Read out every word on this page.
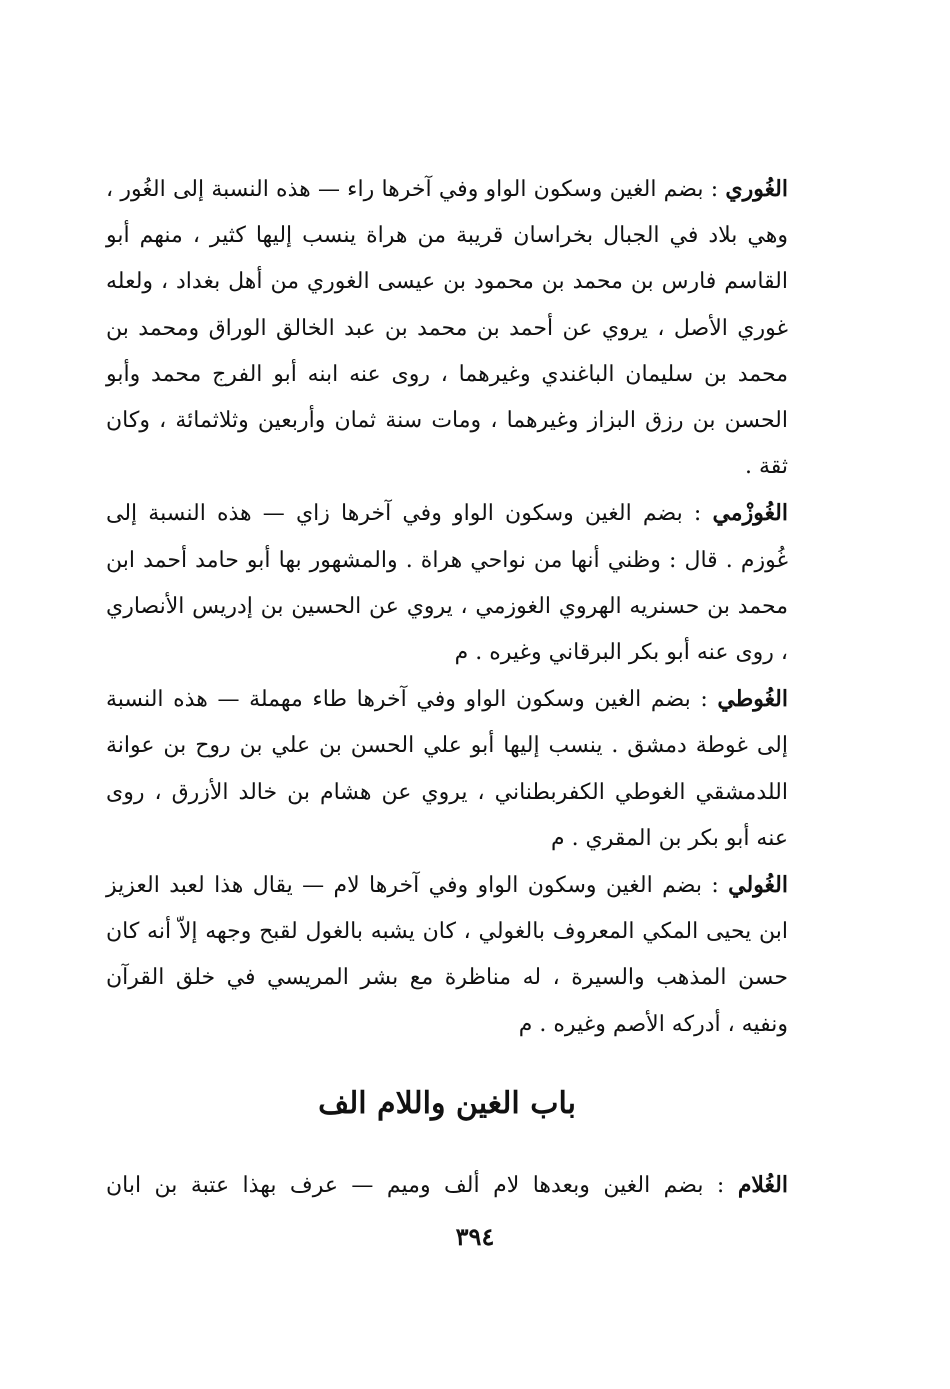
الغُوري : بضم الغين وسكون الواو وفي آخرها راء — هذه النسبة إلى الغُور ، وهي بلاد في الجبال بخراسان قريبة من هراة ينسب إليها كثير ، منهم أبو القاسم فارس بن محمد بن محمود بن عيسى الغوري من أهل بغداد ، ولعله غوري الأصل ، يروي عن أحمد بن محمد بن عبد الخالق الوراق ومحمد بن محمد بن سليمان الباغندي وغيرهما ، روى عنه ابنه أبو الفرج محمد وأبو الحسن بن رزق البزاز وغيرهما ، ومات سنة ثمان وأربعين وثلاثمائة ، وكان ثقة .

الغُوزْمي : بضم الغين وسكون الواو وفي آخرها زاي — هذه النسبة إلى غُوزم . قال : وظني أنها من نواحي هراة . والمشهور بها أبو حامد أحمد ابن محمد بن حسنريه الهروي الغوزمي ، يروي عن الحسين بن إدريس الأنصاري ، روى عنه أبو بكر البرقاني وغيره . م

الغُوطي : بضم الغين وسكون الواو وفي آخرها طاء مهملة — هذه النسبة إلى غوطة دمشق . ينسب إليها أبو علي الحسن بن علي بن روح بن عوانة اللدمشقي الغوطي الكفربطناني ، يروي عن هشام بن خالد الأزرق ، روى عنه أبو بكر بن المقري . م

الغُولي : بضم الغين وسكون الواو وفي آخرها لام — يقال هذا لعبد العزيز ابن يحيى المكي المعروف بالغولي ، كان يشبه بالغول لقبح وجهه إلاّ أنه كان حسن المذهب والسيرة ، له مناظرة مع بشر المريسي في خلق القرآن ونفيه ، أدركه الأصم وغيره . م

باب الغين واللام الف

الغُلام : بضم الغين وبعدها لام ألف وميم — عرف بهذا عتبة بن ابان

٣٩٤
